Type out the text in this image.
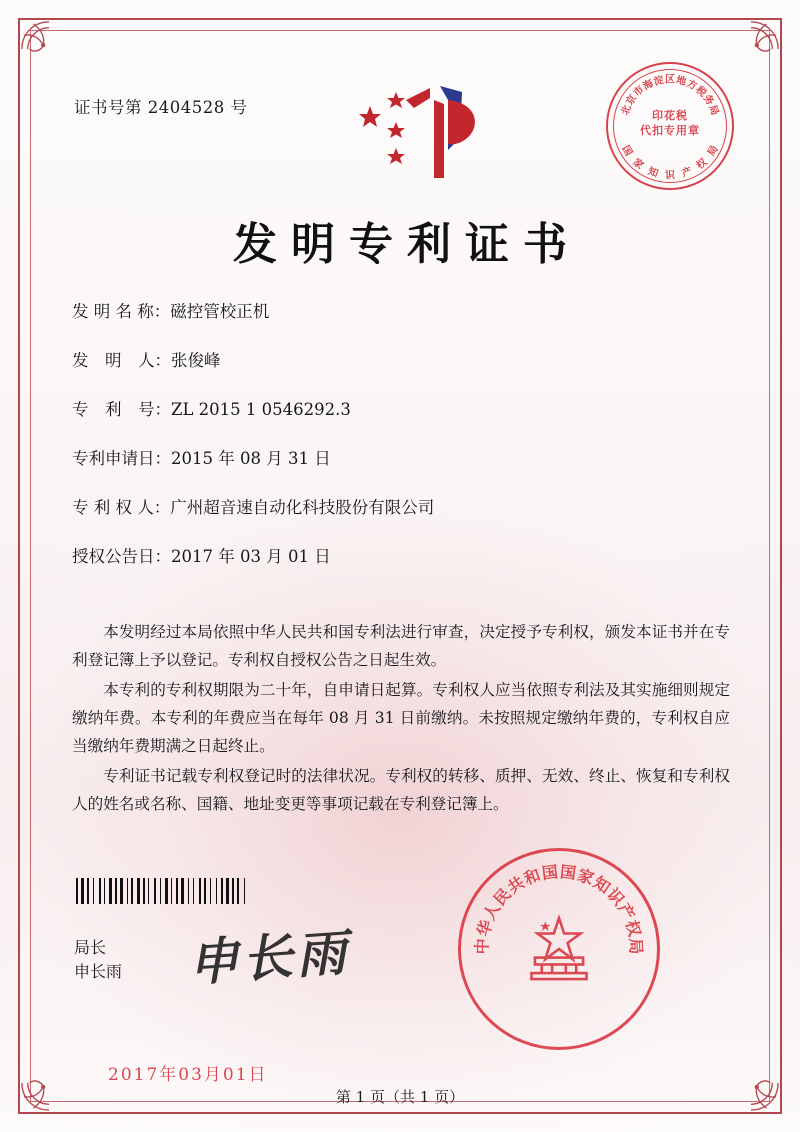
证书号第 2404528 号	北
京
市
海
淀 区 地
方
税
务
局
国
家
知 识 产
权
局
印花税
代扣专用章
发明专利证书
发 明 名 称：磁控管校正机
发　明　人：张俊峰
专　利　号：ZL 2015 1 0546292.3
专利申请日：2015 年 08 月 31 日
专 利 权 人：广州超音速自动化科技股份有限公司
授权公告日：2017 年 03 月 01 日

本发明经过本局依照中华人民共和国专利法进行审查，决定授予专利权，颁发本证书并在专利登记簿上予以登记。专利权自授权公告之日起生效。

本专利的专利权期限为二十年，自申请日起算。专利权人应当依照专利法及其实施细则规定缴纳年费。本专利的年费应当在每年 08 月 31 日前缴纳。未按照规定缴纳年费的，专利权自应当缴纳年费期满之日起终止。

专利证书记载专利权登记时的法律状况。专利权的转移、质押、无效、终止、恢复和专利权人的姓名或名称、国籍、地址变更等事项记载在专利登记簿上。

申长雨
局长
申长雨
中
华
人
民
共
和
国 国
家
知
识
产
权
局
2017年03月01日
第 1 页（共 1 页）
